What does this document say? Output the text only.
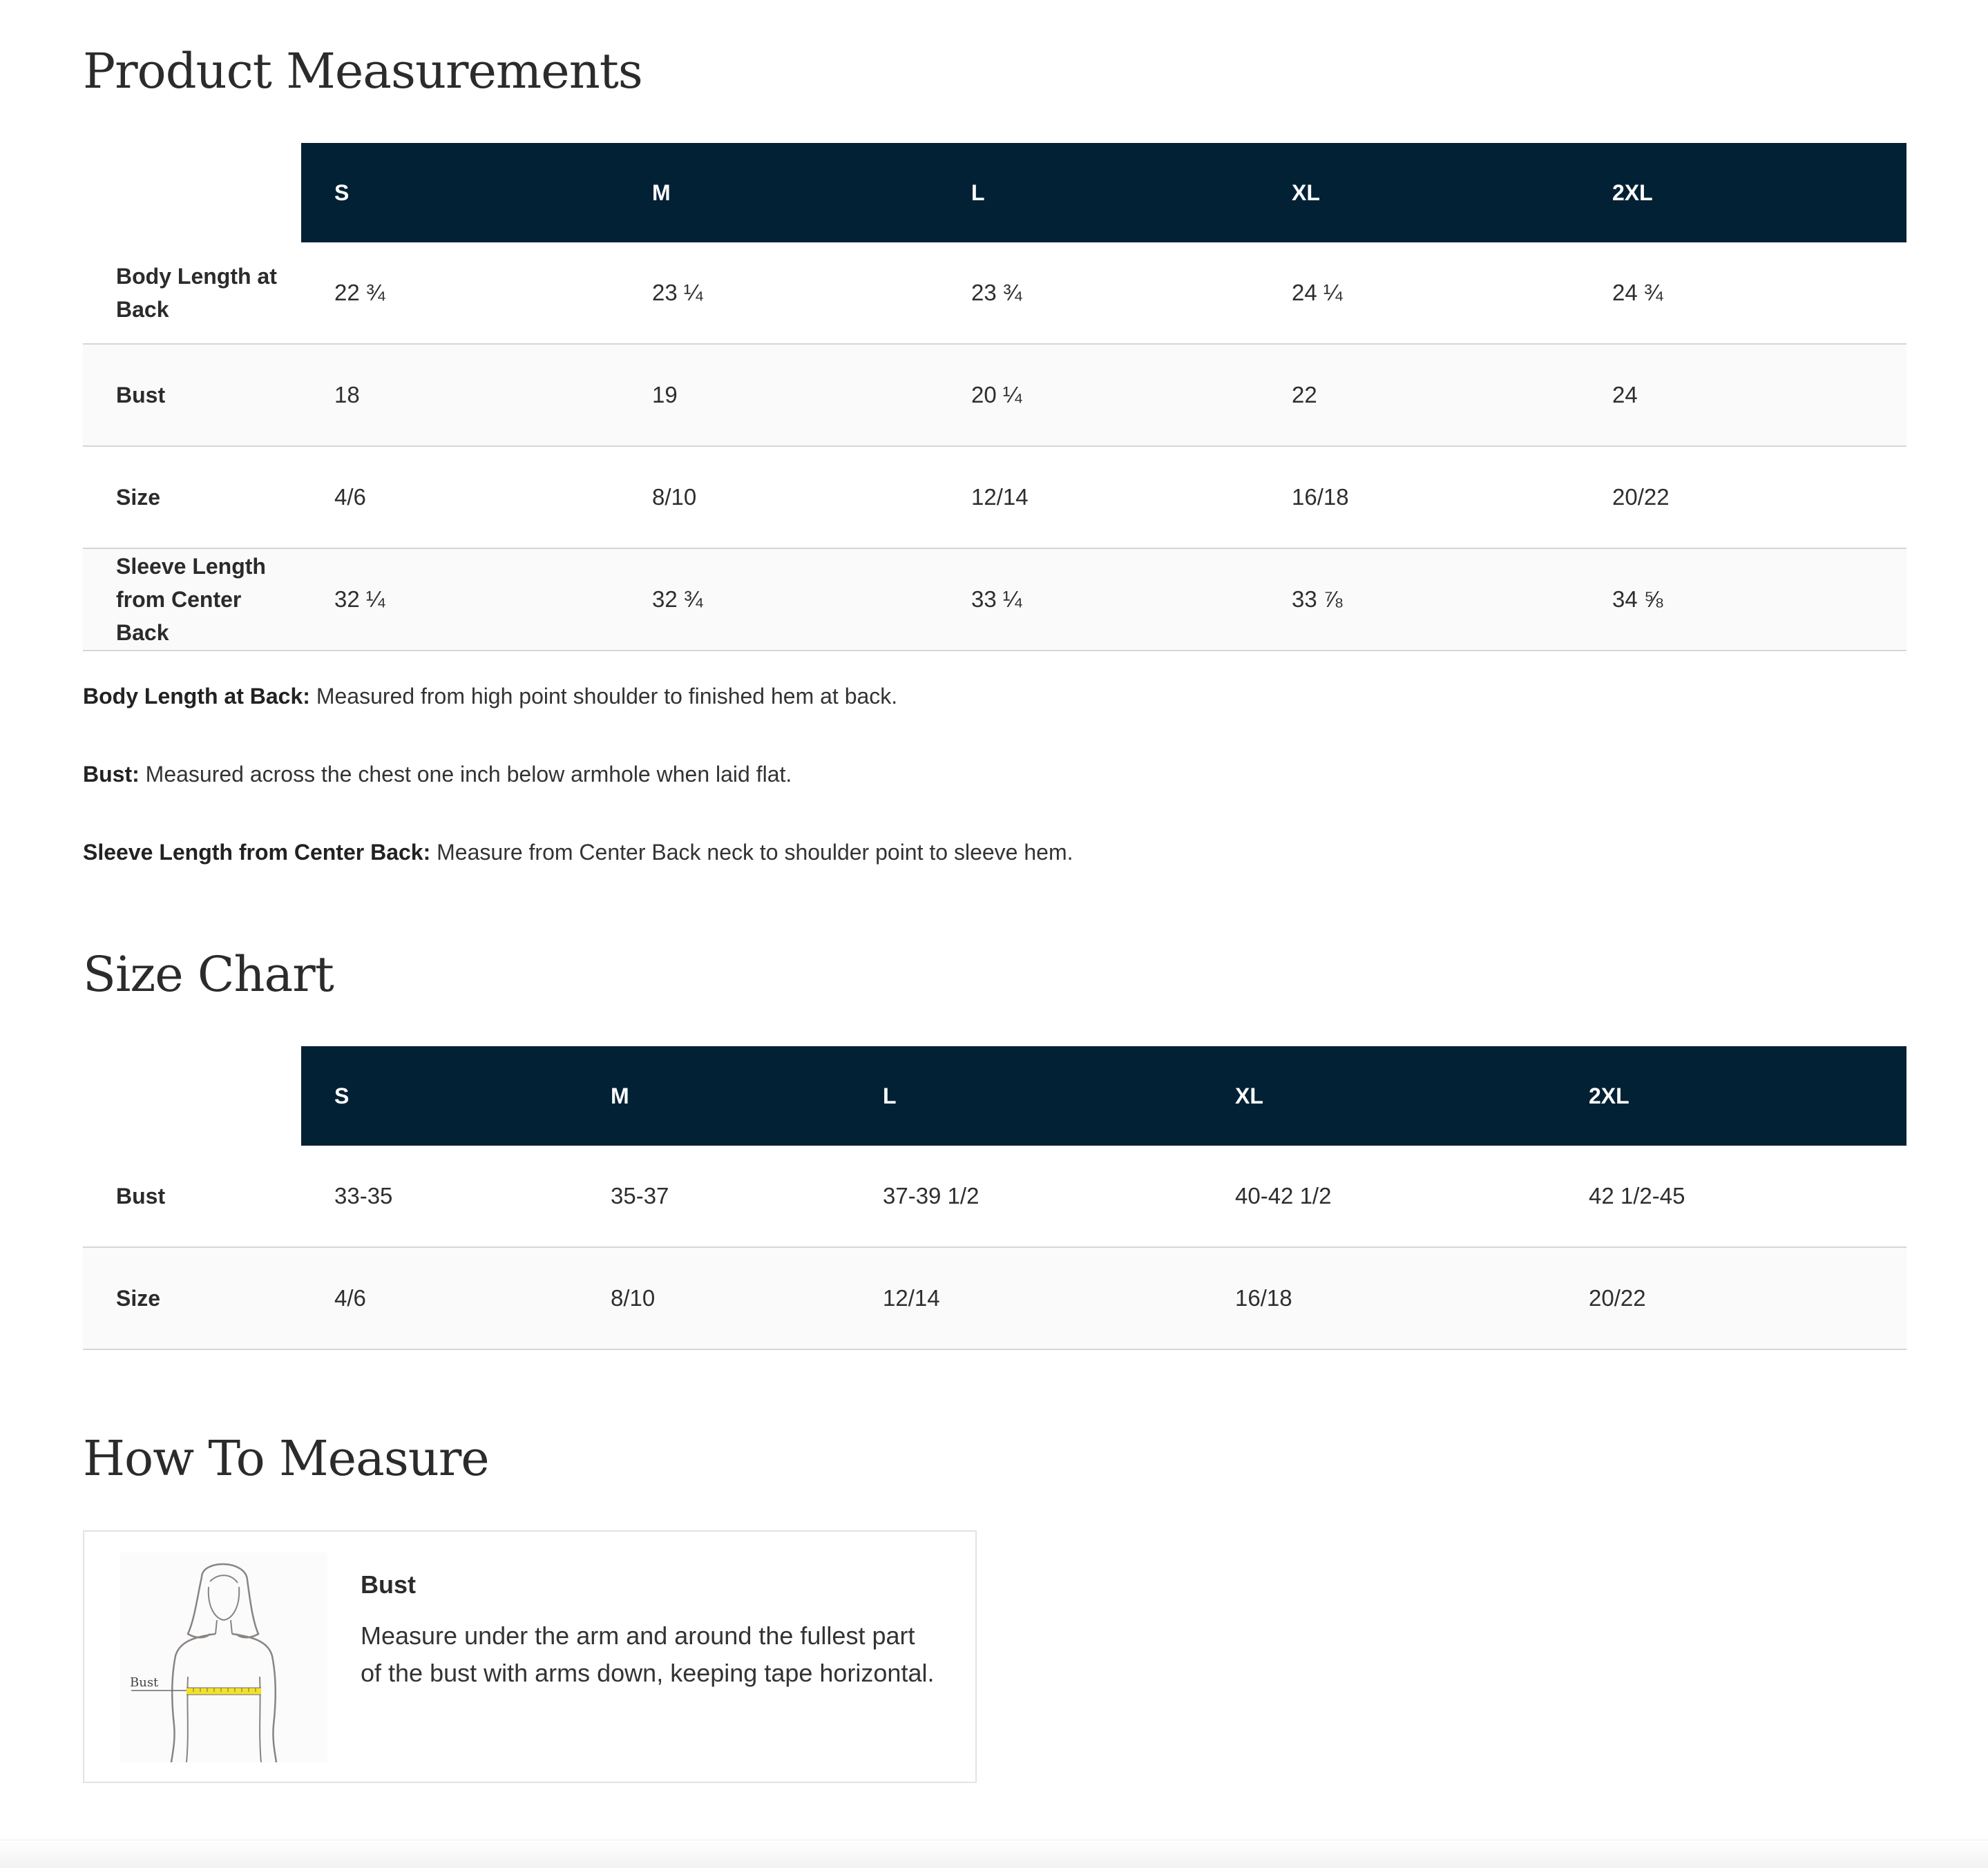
Product Measurements
	S	M	L	XL	2XL
Body Length at Back	22 ¾	23 ¼	23 ¾	24 ¼	24 ¾
Bust	18	19	20 ¼	22	24
Size	4/6	8/10	12/14	16/18	20/22
Sleeve Length from Center Back	32 ¼	32 ¾	33 ¼	33 ⅞	34 ⅝

Body Length at Back: Measured from high point shoulder to finished hem at back.

Bust: Measured across the chest one inch below armhole when laid flat.

Sleeve Length from Center Back: Measure from Center Back neck to shoulder point to sleeve hem.

Size Chart
	S	M	L	XL	2XL
Bust	33-35	35-37	37-39 1/2	40-42 1/2	42 1/2-45
Size	4/6	8/10	12/14	16/18	20/22
How To Measure
Bust
Bust

Measure under the arm and around the fullest part of the bust with arms down, keeping tape horizontal.
